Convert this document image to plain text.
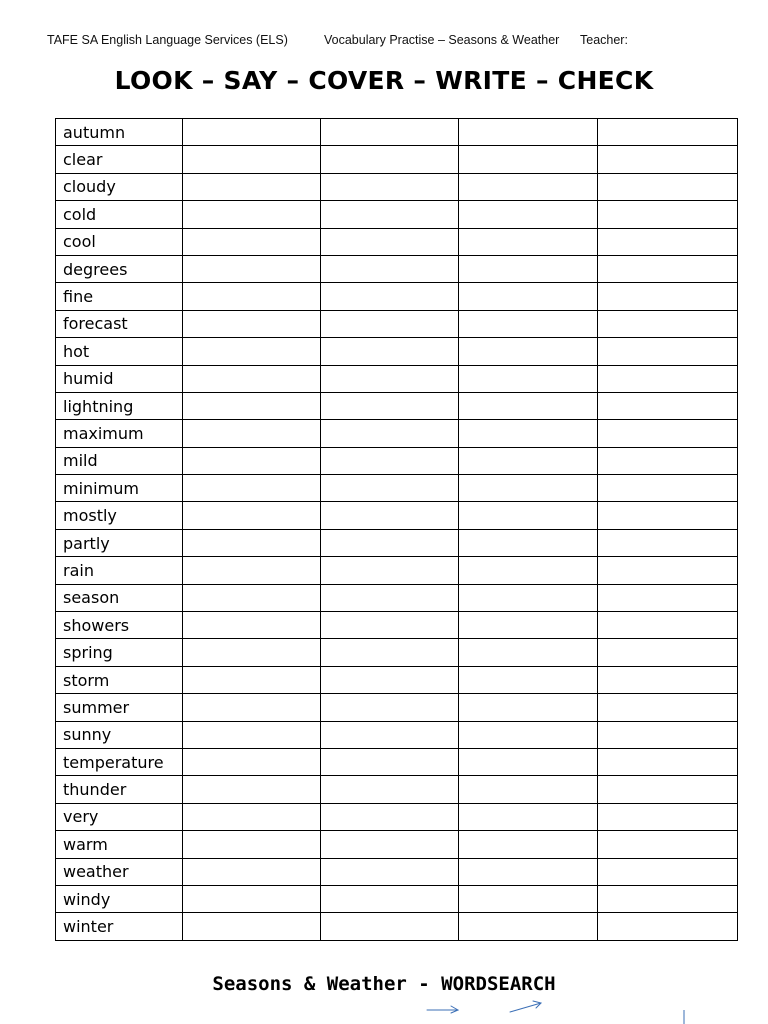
TAFE SA English Language Services (ELS)	Vocabulary Practise – Seasons & Weather Teacher:
LOOK – SAY – COVER – WRITE – CHECK
autumn				
clear				
cloudy				
cold				
cool				
degrees				
fine				
forecast				
hot				
humid				
lightning				
maximum				
mild				
minimum				
mostly				
partly				
rain				
season				
showers				
spring				
storm				
summer				
sunny				
temperature				
thunder				
very				
warm				
weather				
windy				
winter				
Seasons & Weather - WORDSEARCH
